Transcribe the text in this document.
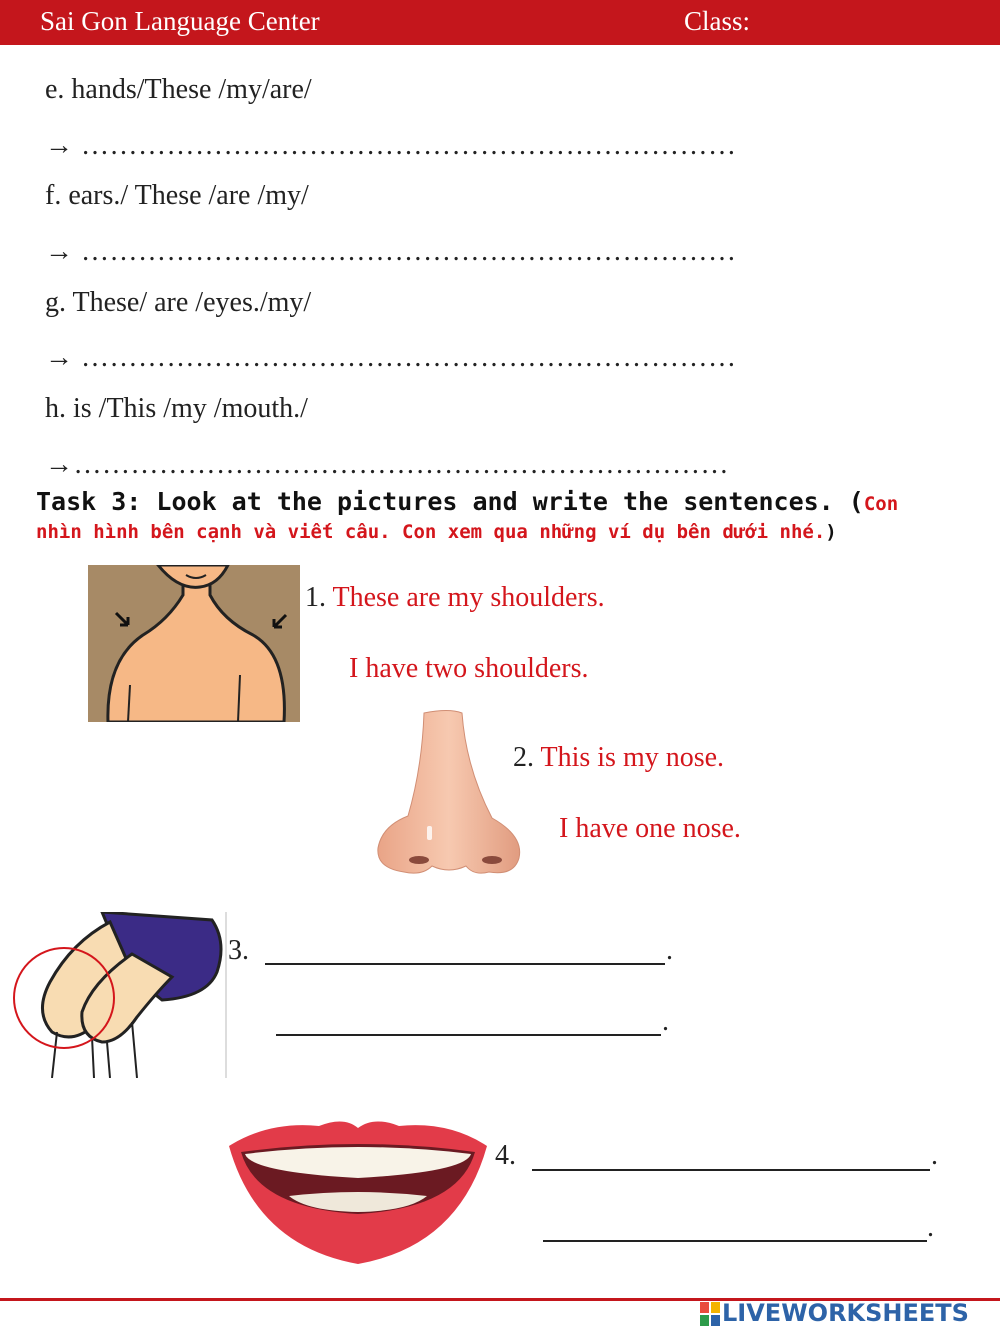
Sai Gon Language Center	Class:
e. hands/These /my/are/
→ ……………………………………………………………
f. ears./ These /are /my/
→ ……………………………………………………………
g. These/ are /eyes./my/
→ ……………………………………………………………
h. is /This /my /mouth./
→……………………………………………………………
Task 3: Look at the pictures and write the sentences. (Con
nhìn hình bên cạnh và viết câu. Con xem qua những ví dụ bên dưới nhé.)
1. These are my shoulders.
I have two shoulders.
2. This is my nose.
I have one nose.
3.	.
.
4.	.
.
LIVEWORKSHEETS
